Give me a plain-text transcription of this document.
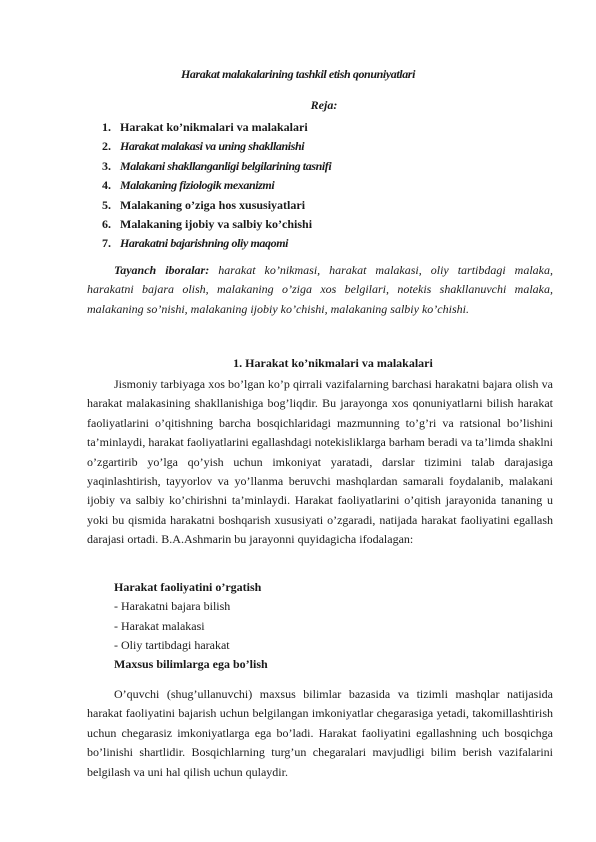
Harakat malakalarining tashkil etish qonuniyatlari
Reja:
1. Harakat ko’nikmalari va malakalari
2. Harakat malakasi va uning shakllanishi
3. Malakani shakllanganligi belgilarining tasnifi
4. Malakaning fiziologik mexanizmi
5. Malakaning o’ziga hos xususiyatlari
6. Malakaning ijobiy va salbiy ko’chishi
7. Harakatni bajarishning oliy maqomi

Tayanch iboralar: harakat ko’nikmasi, harakat malakasi, oliy tartibdagi malaka, harakatni bajara olish, malakaning o’ziga xos belgilari, notekis shakllanuvchi malaka, malakaning so’nishi, malakaning ijobiy ko’chishi, malakaning salbiy ko’chishi.

1. Harakat ko’nikmalari va malakalari

Jismoniy tarbiyaga xos bo’lgan ko’p qirrali vazifalarning barchasi harakatni bajara olish va harakat malakasining shakllanishiga bog’liqdir. Bu jarayonga xos qonuniyatlarni bilish harakat faoliyatlarini o’qitishning barcha bosqichlaridagi mazmunning to’g’ri va ratsional bo’lishini ta’minlaydi, harakat faoliyatlarini egallashdagi notekisliklarga barham beradi va ta’limda shaklni o’zgartirib yo’lga qo’yish uchun imkoniyat yaratadi, darslar tizimini talab darajasiga yaqinlashtirish, tayyorlov va yo’llanma beruvchi mashqlardan samarali foydalanib, malakani ijobiy va salbiy ko’chirishni ta’minlaydi. Harakat faoliyatlarini o’qitish jarayonida tananing u yoki bu qismida harakatni boshqarish xususiyati o’zgaradi, natijada harakat faoliyatini egallash darajasi ortadi. B.A.Ashmarin bu jarayonni quyidagicha ifodalagan:

Harakat faoliyatini o’rgatish
- Harakatni bajara bilish
- Harakat malakasi
- Oliy tartibdagi harakat
Maxsus bilimlarga ega bo’lish

O’quvchi (shug’ullanuvchi) maxsus bilimlar bazasida va tizimli mashqlar natijasida harakat faoliyatini bajarish uchun belgilangan imkoniyatlar chegarasiga yetadi, takomillashtirish uchun chegarasiz imkoniyatlarga ega bo’ladi. Harakat faoliyatini egallashning uch bosqichga bo’linishi shartlidir. Bosqichlarning turg’un chegaralari mavjudligi bilim berish vazifalarini belgilash va uni hal qilish uchun qulaydir.
